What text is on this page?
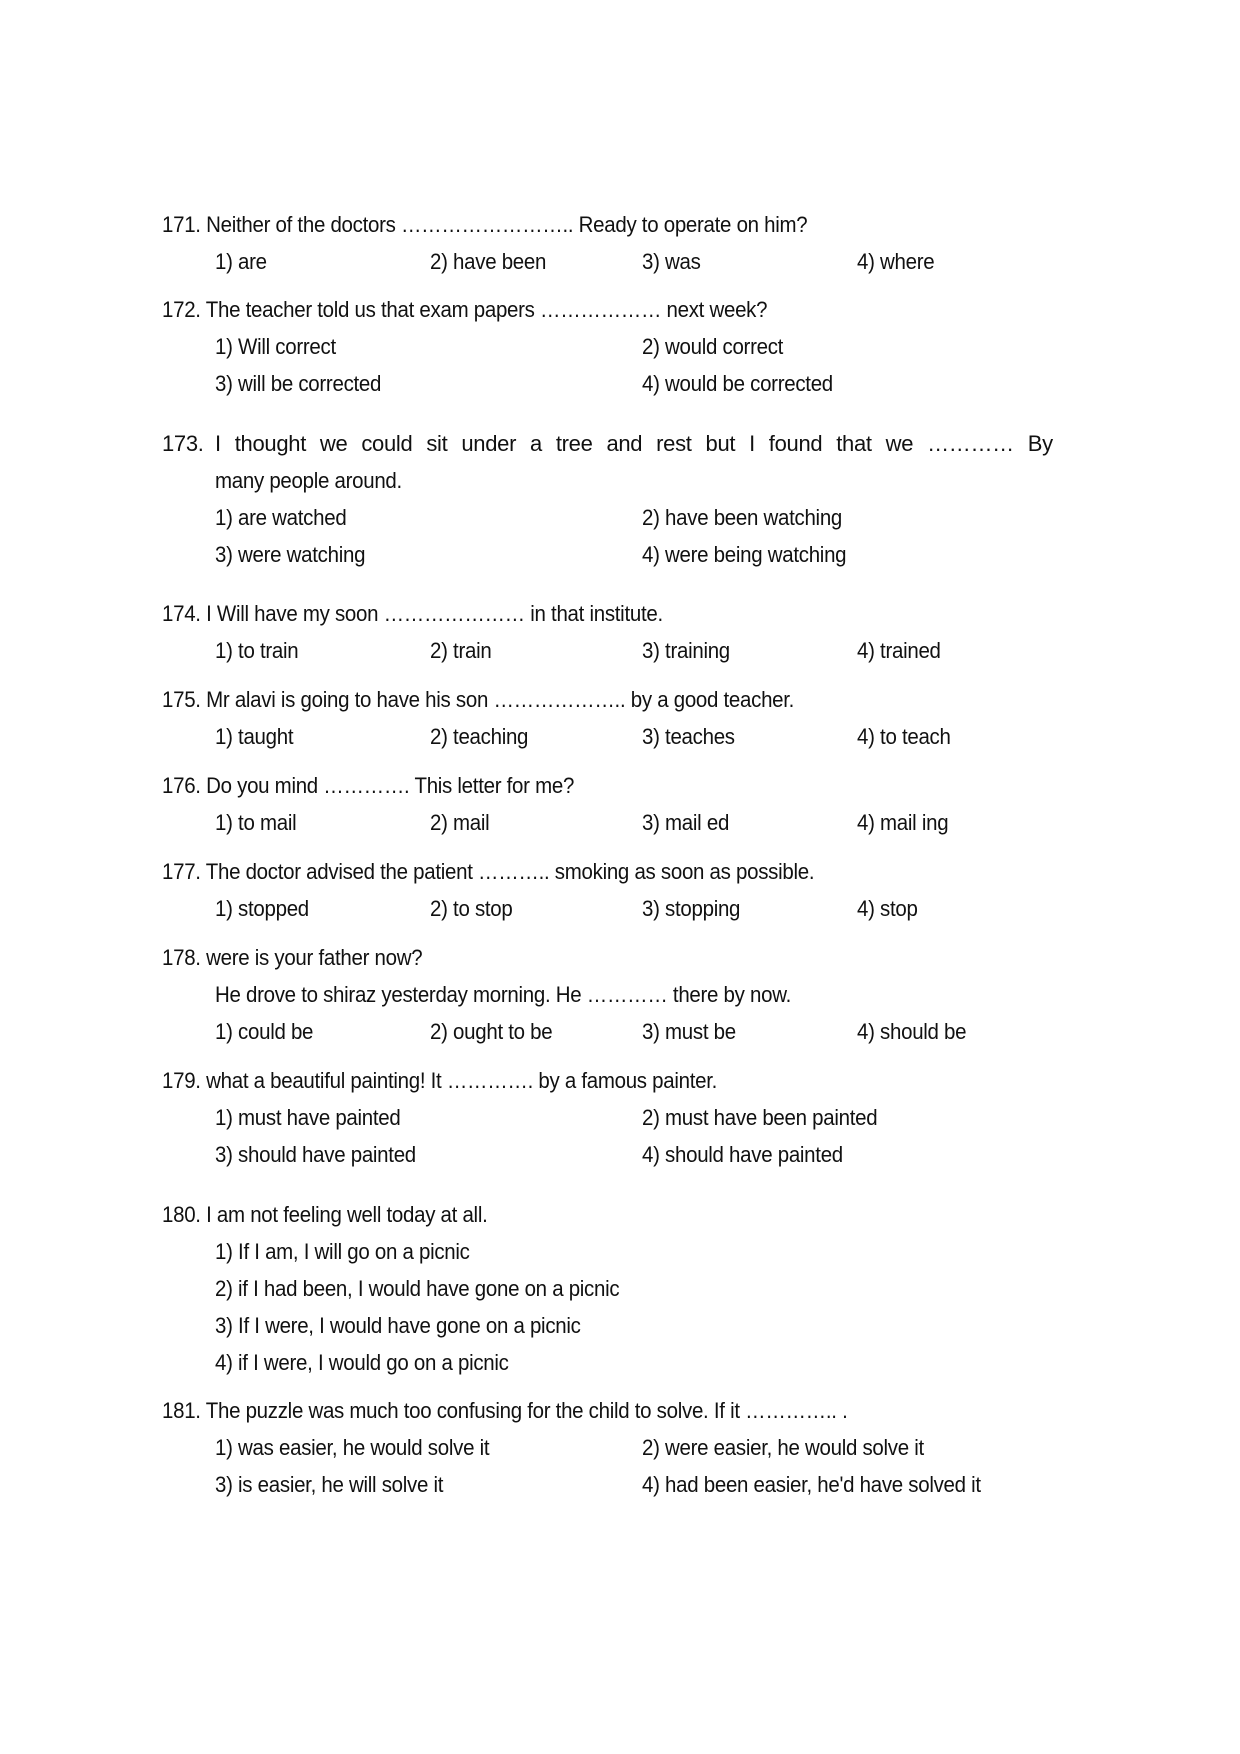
171. Neither of the doctors …………………….. Ready to operate on him?
1) are	2) have been	3) was	4) where
172. The teacher told us that exam papers ……………… next week?
1) Will correct	2) would correct
3) will be corrected	4) would be corrected
173. I thought we could sit under a tree and rest but I found that we ………… By
many people around.
1) are watched	2) have been watching
3) were watching	4) were being watching
174. I Will have my soon ………………… in that institute.
1) to train	2) train	3) training	4) trained
175. Mr alavi is going to have his son ……………….. by a good teacher.
1) taught	2) teaching	3) teaches	4) to teach
176. Do you mind …………. This letter for me?
1) to mail	2) mail	3) mail ed	4) mail ing
177. The doctor advised the patient ……….. smoking as soon as possible.
1) stopped	2) to stop	3) stopping	4) stop
178. were is your father now?
He drove to shiraz yesterday morning. He ………… there by now.
1) could be	2) ought to be	3) must be	4) should be
179. what a beautiful painting! It …………. by a famous painter.
1) must have painted	2) must have been painted
3) should have painted	4) should have painted
180. I am not feeling well today at all.
1) If I am, I will go on a picnic
2) if I had been, I would have gone on a picnic
3) If I were, I would have gone on a picnic
4) if I were, I would go on a picnic
181. The puzzle was much too confusing for the child to solve. If it ………….. .
1) was easier, he would solve it	2) were easier, he would solve it
3) is easier, he will solve it	4) had been easier, he'd have solved it
